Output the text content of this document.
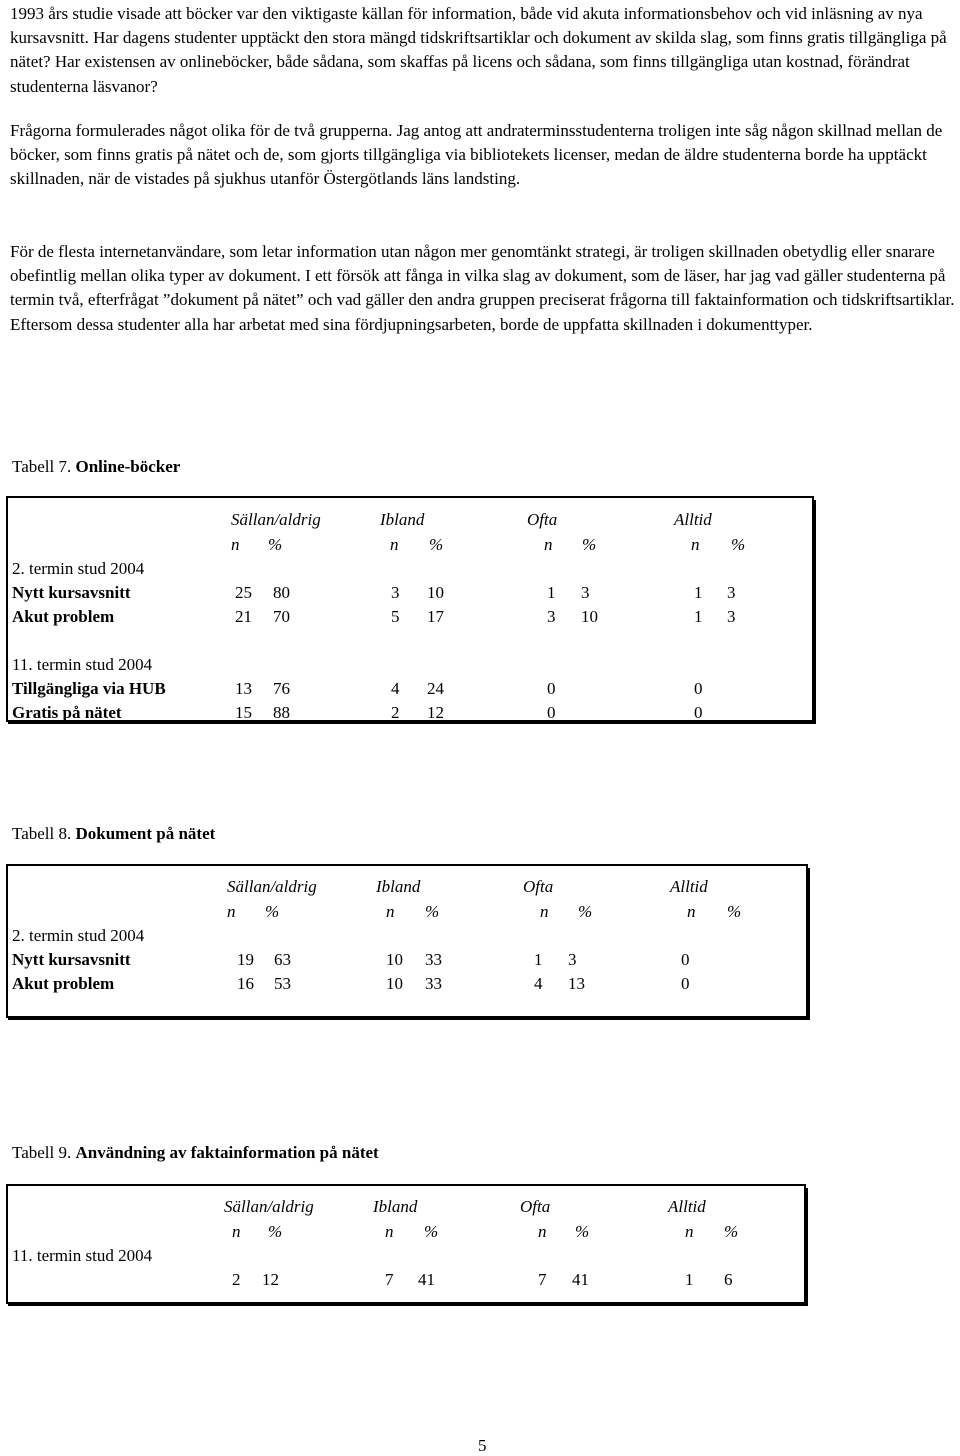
1993 års studie visade att böcker var den viktigaste källan för information, både vid akuta informationsbehov och vid inläsning av nya kursavsnitt. Har dagens studenter upptäckt den stora mängd tidskriftsartiklar och dokument av skilda slag, som finns gratis tillgängliga på nätet? Har existensen av onlineböcker, både sådana, som skaffas på licens och sådana, som finns tillgängliga utan kostnad, förändrat studenterna läsvanor?

Frågorna formulerades något olika för de två grupperna. Jag antog att andraterminsstudenterna troligen inte såg någon skillnad mellan de böcker, som finns gratis på nätet och de, som gjorts tillgängliga via bibliotekets licenser, medan de äldre studenterna borde ha upptäckt skillnaden, när de vistades på sjukhus utanför Östergötlands läns landsting.

För de flesta internetanvändare, som letar information utan någon mer genomtänkt strategi, är troligen skillnaden obetydlig eller snarare obefintlig mellan olika typer av dokument. I ett försök att fånga in vilka slag av dokument, som de läser, har jag vad gäller studenterna på termin två, efterfrågat ”dokument på nätet” och vad gäller den andra gruppen preciserat frågorna till faktainformation och tidskriftsartiklar. Eftersom dessa studenter alla har arbetat med sina fördjupningsarbeten, borde de uppfatta skillnaden i dokumenttyper.

Tabell 7. Online-böcker

Sällan/aldrig	Ibland	Ofta	Alltid
n %	n %	n %	n %
2. termin stud 2004
Nytt kursavsnitt	25 80	3 10	1 3	1 3
Akut problem	21 70	5 17	3 10	1 3
11. termin stud 2004
Tillgängliga via HUB	13 76	4 24	0	0
Gratis på nätet	15 88	2 12	0	0

Tabell 8. Dokument på nätet

Sällan/aldrig	Ibland	Ofta	Alltid
n %	n %	n %	n %
2. termin stud 2004
Nytt kursavsnitt	19 63	10 33	1 3	0
Akut problem	16 53	10 33	4 13	0

Tabell 9. Användning av faktainformation på nätet

Sällan/aldrig	Ibland	Ofta	Alltid
n %	n %	n %	n %
11. termin stud 2004
2 12	7 41	7 41	1 6
5
